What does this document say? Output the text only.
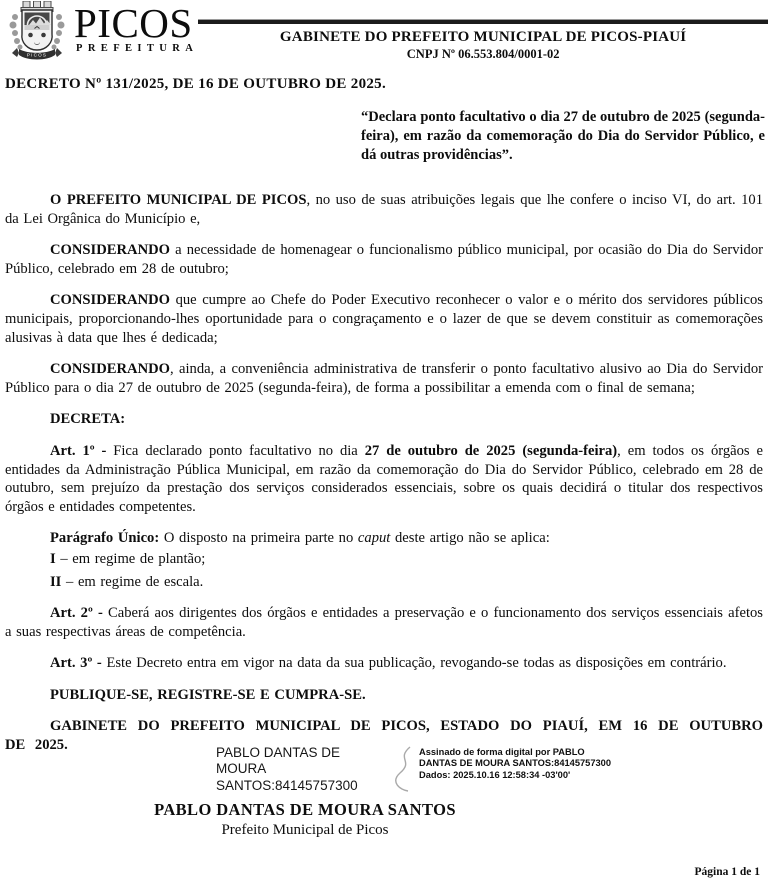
PICOS
PICOS
PREFEITURA
GABINETE DO PREFEITO MUNICIPAL DE PICOS-PIAUÍ
CNPJ Nº 06.553.804/0001-02
DECRETO Nº 131/2025, DE 16 DE OUTUBRO DE 2025.
“Declara ponto facultativo o dia 27 de outubro de 2025 (segunda-feira), em razão da comemoração do Dia do Servidor Público, e dá outras providências”.

O PREFEITO MUNICIPAL DE PICOS, no uso de suas atribuições legais que lhe confere o inciso VI, do art. 101 da Lei Orgânica do Município e,

CONSIDERANDO a necessidade de homenagear o funcionalismo público municipal, por ocasião do Dia do Servidor Público, celebrado em 28 de outubro;

CONSIDERANDO que cumpre ao Chefe do Poder Executivo reconhecer o valor e o mérito dos servidores públicos municipais, proporcionando-lhes oportunidade para o congraçamento e o lazer de que se devem constituir as comemorações alusivas à data que lhes é dedicada;

CONSIDERANDO, ainda, a conveniência administrativa de transferir o ponto facultativo alusivo ao Dia do Servidor Público para o dia 27 de outubro de 2025 (segunda-feira), de forma a possibilitar a emenda com o final de semana;

DECRETA:

Art. 1º - Fica declarado ponto facultativo no dia 27 de outubro de 2025 (segunda-feira), em todos os órgãos e entidades da Administração Pública Municipal, em razão da comemoração do Dia do Servidor Público, celebrado em 28 de outubro, sem prejuízo da prestação dos serviços considerados essenciais, sobre os quais decidirá o titular dos respectivos órgãos e entidades competentes.

Parágrafo Único: O disposto na primeira parte no caput deste artigo não se aplica:

I – em regime de plantão;

II – em regime de escala.

Art. 2º - Caberá aos dirigentes dos órgãos e entidades a preservação e o funcionamento dos serviços essenciais afetos a suas respectivas áreas de competência.

Art. 3º - Este Decreto entra em vigor na data da sua publicação, revogando-se todas as disposições em contrário.

PUBLIQUE-SE, REGISTRE-SE E CUMPRA-SE.

GABINETE DO PREFEITO MUNICIPAL DE PICOS, ESTADO DO PIAUÍ, EM 16 DE OUTUBRO DE 2025.	PABLO DANTAS DE MOURA SANTOS:84145757300
Assinado de forma digital por PABLO DANTAS DE MOURA SANTOS:84145757300
Dados: 2025.10.16 12:58:34 -03'00'
PABLO DANTAS DE MOURA SANTOS
Prefeito Municipal de Picos
Página 1 de 1
